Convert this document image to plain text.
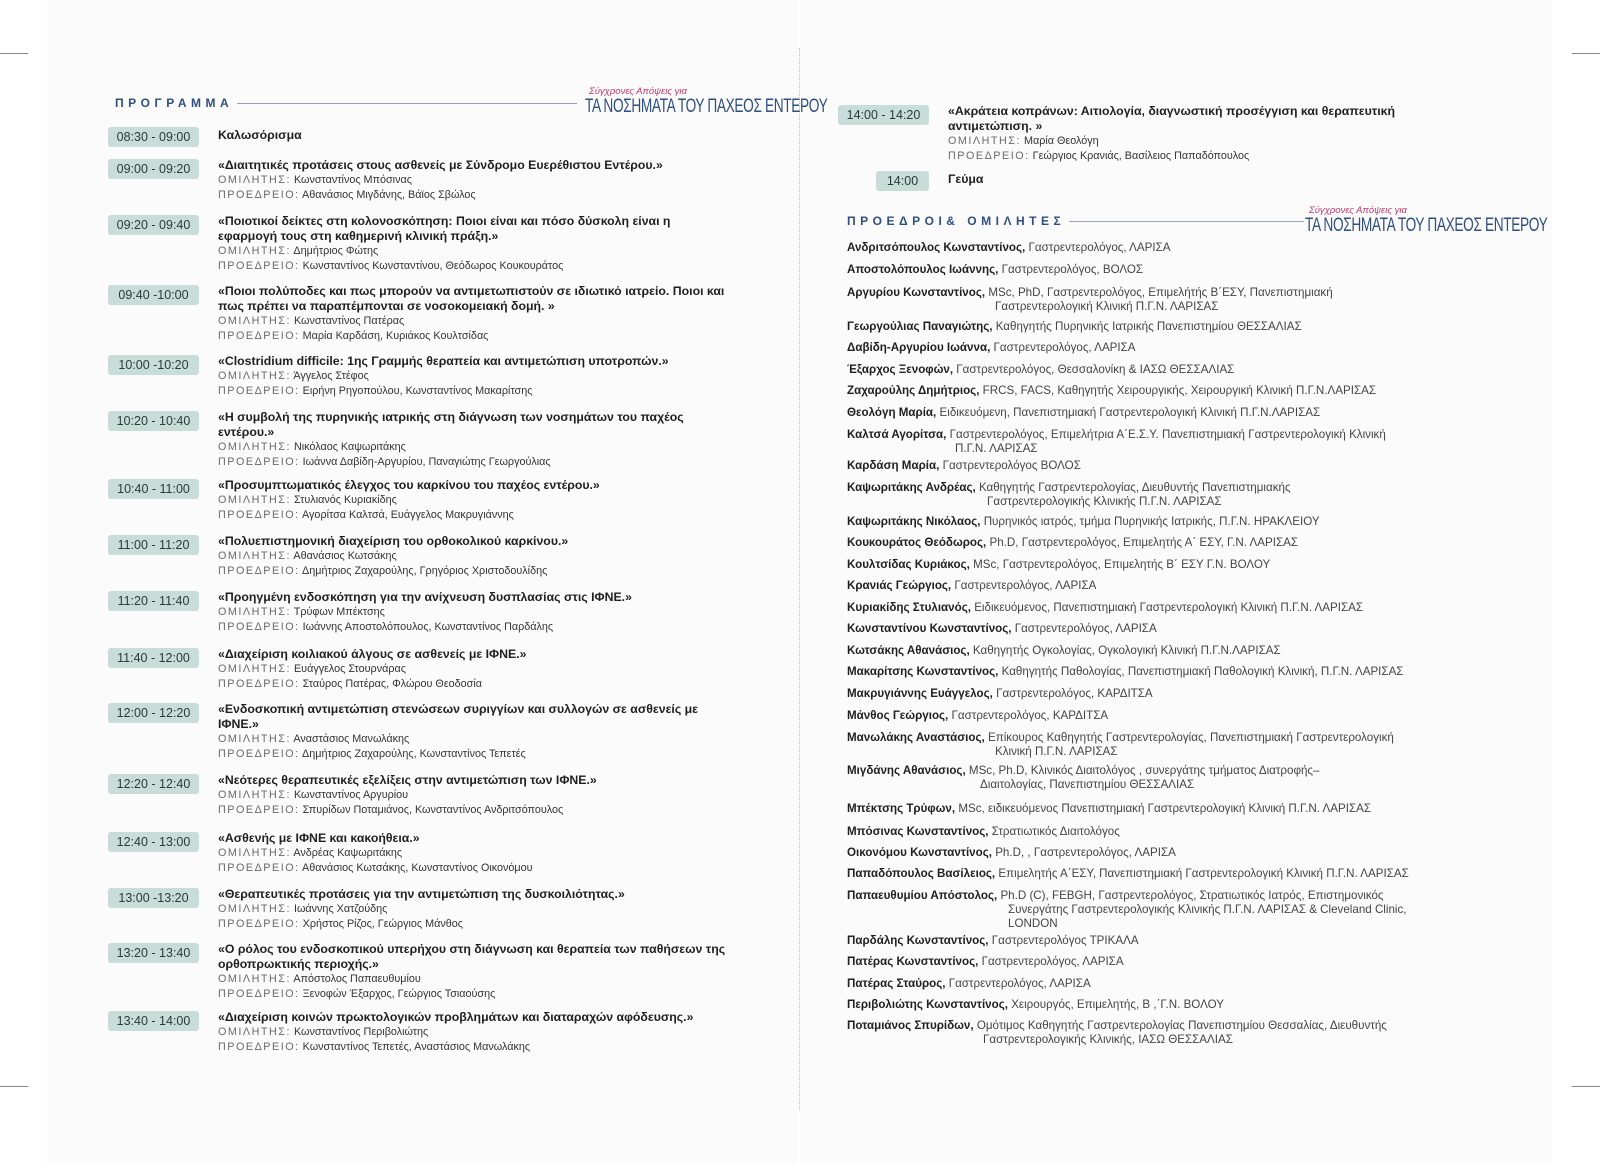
ΠΡΟΓΡΑΜΜΑ
Σύγχρονες Απόψεις για
ΤΑ ΝΟΣΗΜΑΤΑ ΤΟΥ ΠΑΧΕΟΣ ΕΝΤΕΡΟΥ
08:30 - 09:00	Καλωσόρισμα
09:00 - 09:20	«Διαιτητικές προτάσεις στους ασθενείς με Σύνδρομο Ευερέθιστου Εντέρου.»
ΟΜΙΛΗΤΗΣ: Κωνσταντίνος Μπόσινας
ΠΡΟΕΔΡΕΙΟ: Αθανάσιος Μιγδάνης, Βάϊος Σβώλος
09:20 - 09:40	«Ποιοτικοί δείκτες στη κολονοσκόπηση: Ποιοι είναι και πόσο δύσκολη είναι η εφαρμογή τους στη καθημερινή κλινική πράξη.»
ΟΜΙΛΗΤΗΣ: Δημήτριος Φώτης
ΠΡΟΕΔΡΕΙΟ: Κωνσταντίνος Κωνσταντίνου, Θεόδωρος Κουκουράτος
09:40 -10:00	«Ποιοι πολύποδες και πως μπορούν να αντιμετωπιστούν σε ιδιωτικό ιατρείο. Ποιοι και πως πρέπει να παραπέμπονται σε νοσοκομειακή δομή. »
ΟΜΙΛΗΤΗΣ: Κωνσταντίνος Πατέρας
ΠΡΟΕΔΡΕΙΟ: Μαρία Καρδάση, Κυριάκος Κουλτσίδας
10:00 -10:20	«Clostridium difficile: 1ης Γραμμής θεραπεία και αντιμετώπιση υποτροπών.»
ΟΜΙΛΗΤΗΣ: Άγγελος Στέφος
ΠΡΟΕΔΡΕΙΟ: Ειρήνη Ρηγοπούλου, Κωνσταντίνος Μακαρίτσης
10:20 - 10:40	«Η συμβολή της πυρηνικής ιατρικής στη διάγνωση των νοσημάτων του παχέος εντέρου.»
ΟΜΙΛΗΤΗΣ: Νικόλαος Καψωριτάκης
ΠΡΟΕΔΡΕΙΟ: Ιωάννα Δαβίδη-Αργυρίου, Παναγιώτης Γεωργούλιας
10:40 - 11:00	«Προσυμπτωματικός έλεγχος του καρκίνου του παχέος εντέρου.»
ΟΜΙΛΗΤΗΣ: Στυλιανός Κυριακίδης
ΠΡΟΕΔΡΕΙΟ: Αγορίτσα Καλτσά, Ευάγγελος Μακρυγιάννης
11:00 - 11:20	«Πολυεπιστημονική διαχείριση του ορθοκολικού καρκίνου.»
ΟΜΙΛΗΤΗΣ: Αθανάσιος Κωτσάκης
ΠΡΟΕΔΡΕΙΟ: Δημήτριος Ζαχαρούλης, Γρηγόριος Χριστοδουλίδης
11:20 - 11:40	«Προηγμένη ενδοσκόπηση για την ανίχνευση δυσπλασίας στις ΙΦΝΕ.»
ΟΜΙΛΗΤΗΣ: Τρύφων Μπέκτσης
ΠΡΟΕΔΡΕΙΟ: Ιωάννης Αποστολόπουλος, Κωνσταντίνος Παρδάλης
11:40 - 12:00	«Διαχείριση κοιλιακού άλγους σε ασθενείς με ΙΦΝΕ.»
ΟΜΙΛΗΤΗΣ: Ευάγγελος Στουρνάρας
ΠΡΟΕΔΡΕΙΟ: Σταύρος Πατέρας, Φλώρου Θεοδοσία
12:00 - 12:20	«Ενδοσκοπική αντιμετώπιση στενώσεων συριγγίων και συλλογών σε ασθενείς με ΙΦΝΕ.»
ΟΜΙΛΗΤΗΣ: Αναστάσιος Μανωλάκης
ΠΡΟΕΔΡΕΙΟ: Δημήτριος Ζαχαρούλης, Κωνσταντίνος Τεπετές
12:20 - 12:40	«Νεότερες θεραπευτικές εξελίξεις στην αντιμετώπιση των ΙΦΝΕ.»
ΟΜΙΛΗΤΗΣ: Κωνσταντίνος Αργυρίου
ΠΡΟΕΔΡΕΙΟ: Σπυρίδων Ποταμιάνος, Κωνσταντίνος Ανδριτσόπουλος
12:40 - 13:00	«Ασθενής με ΙΦΝΕ και κακοήθεια.»
ΟΜΙΛΗΤΗΣ: Ανδρέας Καψωριτάκης
ΠΡΟΕΔΡΕΙΟ: Αθανάσιος Κωτσάκης, Κωνσταντίνος Οικονόμου
13:00 -13:20	«Θεραπευτικές προτάσεις για την αντιμετώπιση της δυσκοιλιότητας.»
ΟΜΙΛΗΤΗΣ: Ιωάννης Χατζούδης
ΠΡΟΕΔΡΕΙΟ: Χρήστος Ρίζος, Γεώργιος Μάνθος
13:20 - 13:40	«Ο ρόλος του ενδοσκοπικού υπερήχου στη διάγνωση και θεραπεία των παθήσεων της ορθοπρωκτικής περιοχής.»
ΟΜΙΛΗΤΗΣ: Απόστολος Παπαευθυμίου
ΠΡΟΕΔΡΕΙΟ: Ξενοφών Έξαρχος, Γεώργιος Τσιαούσης
13:40 - 14:00	«Διαχείριση κοινών πρωκτολογικών προβλημάτων και διαταραχών αφόδευσης.»
ΟΜΙΛΗΤΗΣ: Κωνσταντίνος Περιβολιώτης
ΠΡΟΕΔΡΕΙΟ: Κωνσταντίνος Τεπετές, Αναστάσιος Μανωλάκης
14:00 - 14:20	«Ακράτεια κοπράνων: Αιτιολογία, διαγνωστική προσέγγιση και θεραπευτική αντιμετώπιση. »
ΟΜΙΛΗΤΗΣ: Μαρία Θεολόγη
ΠΡΟΕΔΡΕΙΟ: Γεώργιος Κρανιάς, Βασίλειος Παπαδόπουλος
14:00	Γεύμα
ΠΡΟΕΔΡΟΙ& ΟΜΙΛΗΤΕΣ
Σύγχρονες Απόψεις για
ΤΑ ΝΟΣΗΜΑΤΑ ΤΟΥ ΠΑΧΕΟΣ ΕΝΤΕΡΟΥ
Ανδριτσόπουλος Κωνσταντίνος, Γαστρεντερολόγος, ΛΑΡΙΣΑ
Αποστολόπουλος Ιωάννης, Γαστρεντερολόγος, ΒΟΛΟΣ
Αργυρίου Κωνσταντίνος, MSc, PhD, Γαστρεντερολόγος, Επιμελήτής Β΄ΕΣΥ, Πανεπιστημιακή
Γαστρεντερολογική Κλινική Π.Γ.Ν. ΛΑΡΙΣΑΣ
Γεωργούλιας Παναγιώτης, Καθηγητής Πυρηνικής Ιατρικής Πανεπιστημίου ΘΕΣΣΑΛΙΑΣ
Δαβίδη-Αργυρίου Ιωάννα, Γαστρεντερολόγος, ΛΑΡΙΣΑ
Έξαρχος Ξενοφών, Γαστρεντερολόγος, Θεσσαλονίκη & ΙΑΣΩ ΘΕΣΣΑΛΙΑΣ
Ζαχαρούλης Δημήτριος, FRCS, FACS, Καθηγητής Χειρουργικής, Χειρουργική Κλινική Π.Γ.Ν.ΛΑΡΙΣΑΣ
Θεολόγη Μαρία, Ειδικευόμενη, Πανεπιστημιακή Γαστρεντερολογική Κλινική Π.Γ.Ν.ΛΑΡΙΣΑΣ
Καλτσά Αγορίτσα, Γαστρεντερολόγος, Επιμελήτρια Α΄Ε.Σ.Υ. Πανεπιστημιακή Γαστρεντερολογική Κλινική
Π.Γ.Ν. ΛΑΡΙΣΑΣ
Καρδάση Μαρία, Γαστρεντερολόγος ΒΟΛΟΣ
Καψωριτάκης Ανδρέας, Καθηγητής Γαστρεντερολογίας, Διευθυντής Πανεπιστημιακής
Γαστρεντερολογικής Κλινικής Π.Γ.Ν. ΛΑΡΙΣΑΣ
Καψωριτάκης Νικόλαος, Πυρηνικός ιατρός, τμήμα Πυρηνικής Ιατρικής, Π.Γ.Ν. ΗΡΑΚΛΕΙΟΥ
Κουκουράτος Θεόδωρος, Ph.D, Γαστρεντερολόγος, Επιμελητής Α΄ ΕΣΥ, Γ.Ν. ΛΑΡΙΣΑΣ
Κουλτσίδας Κυριάκος, MSc, Γαστρεντερολόγος, Επιμελητής Β΄ ΕΣΥ Γ.Ν. ΒΟΛΟΥ
Κρανιάς Γεώργιος, Γαστρεντερολόγος, ΛΑΡΙΣΑ
Κυριακίδης Στυλιανός, Ειδικευόμενος, Πανεπιστημιακή Γαστρεντερολογική Κλινική Π.Γ.Ν. ΛΑΡΙΣΑΣ
Κωνσταντίνου Κωνσταντίνος, Γαστρεντερολόγος, ΛΑΡΙΣΑ
Κωτσάκης Αθανάσιος, Καθηγητής Ογκολογίας, Ογκολογική Κλινική Π.Γ.Ν.ΛΑΡΙΣΑΣ
Μακαρίτσης Κωνσταντίνος, Καθηγητής Παθολογίας, Πανεπιστημιακή Παθολογική Κλινική, Π.Γ.Ν. ΛΑΡΙΣΑΣ
Μακρυγιάννης Ευάγγελος, Γαστρεντερολόγος, ΚΑΡΔΙΤΣΑ
Μάνθος Γεώργιος, Γαστρεντερολόγος, ΚΑΡΔΙΤΣΑ
Μανωλάκης Αναστάσιος, Επίκουρος Καθηγητής Γαστρεντερολογίας, Πανεπιστημιακή Γαστρεντερολογική
Κλινική Π.Γ.Ν. ΛΑΡΙΣΑΣ
Μιγδάνης Αθανάσιος, MSc, Ph.D, Κλινικός Διαιτολόγος , συνεργάτης τμήματος Διατροφής–
Διαιτολογίας, Πανεπιστημίου ΘΕΣΣΑΛΙΑΣ
Μπέκτσης Τρύφων, MSc, ειδικευόμενος Πανεπιστημιακή Γαστρεντερολογική Κλινική Π.Γ.Ν. ΛΑΡΙΣΑΣ
Μπόσινας Κωνσταντίνος, Στρατιωτικός Διαιτολόγος
Οικονόμου Κωνσταντίνος, Ph.D, , Γαστρεντερολόγος, ΛΑΡΙΣΑ
Παπαδόπουλος Βασίλειος, Επιμελητής Α΄ΕΣΥ, Πανεπιστημιακή Γαστρεντερολογική Κλινική Π.Γ.Ν. ΛΑΡΙΣΑΣ
Παπαευθυμίου Απόστολος, Ph.D (C), FEBGH, Γαστρεντερολόγος, Στρατιωτικός Ιατρός, Επιστημονικός
Συνεργάτης Γαστρεντερολογικής Κλινικής Π.Γ.Ν. ΛΑΡΙΣΑΣ & Cleveland Clinic, LONDON
Παρδάλης Κωνσταντίνος, Γαστρεντερολόγος ΤΡΙΚΑΛΑ
Πατέρας Κωνσταντίνος, Γαστρεντερολόγος, ΛΑΡΙΣΑ
Πατέρας Σταύρος, Γαστρεντερολόγος, ΛΑΡΙΣΑ
Περιβολιώτης Κωνσταντίνος, Χειρουργός, Επιμελητής, Β ,΄Γ.Ν. ΒΟΛΟΥ
Ποταμιάνος Σπυρίδων, Ομότιμος Καθηγητής Γαστρεντερολογίας Πανεπιστημίου Θεσσαλίας, Διευθυντής
Γαστρεντερολογικής Κλινικής, ΙΑΣΩ ΘΕΣΣΑΛΙΑΣ
